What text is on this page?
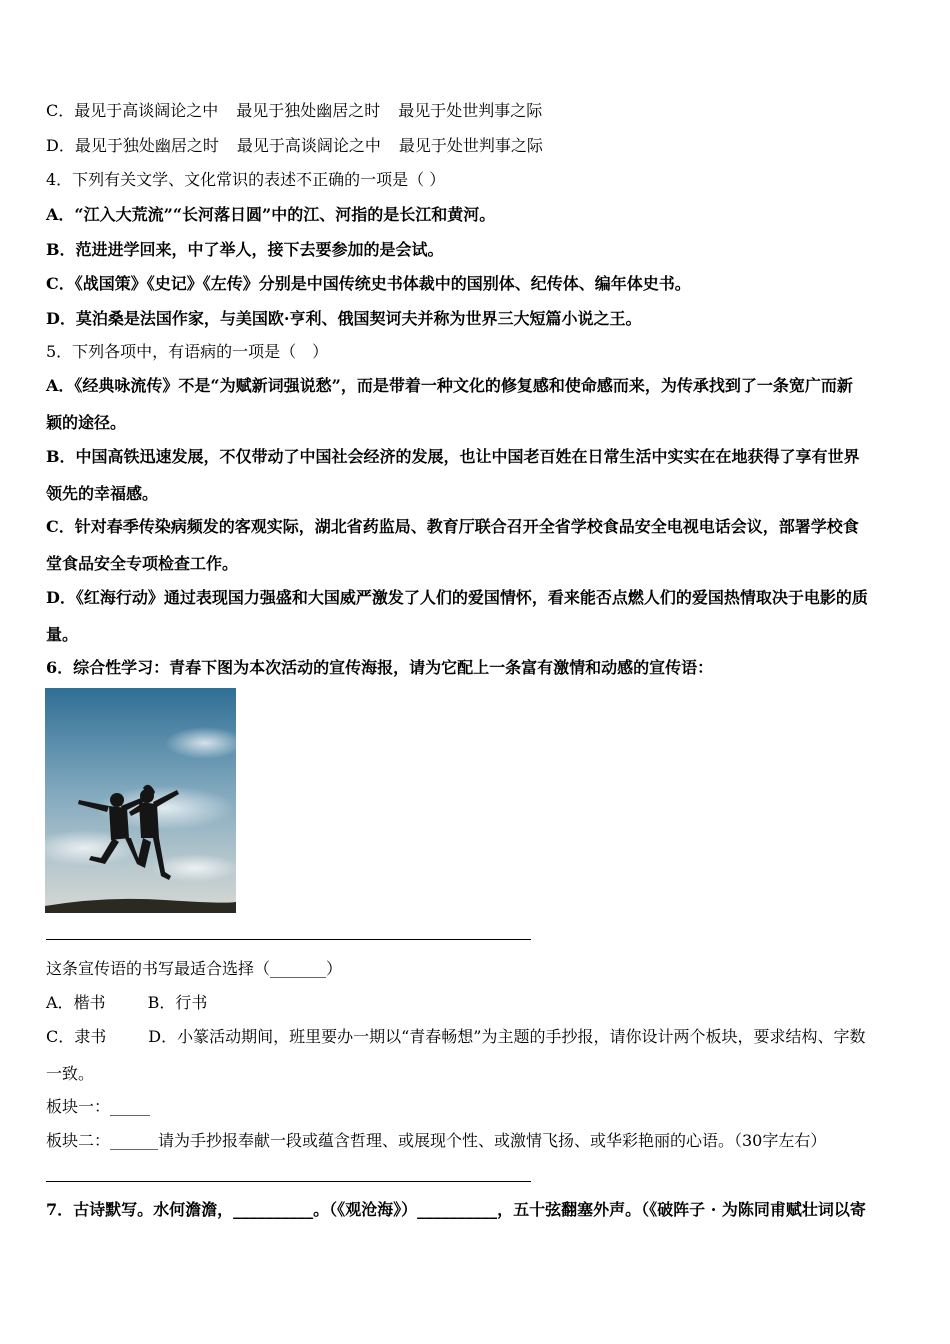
C．最见于高谈阔论之中 最见于独处幽居之时 最见于处世判事之际
D．最见于独处幽居之时 最见于高谈阔论之中 最见于处世判事之际
4．下列有关文学、文化常识的表述不正确的一项是（ ）
A．“江入大荒流”“长河落日圆”中的江、河指的是长江和黄河。
B．范进进学回来，中了举人，接下去要参加的是会试。
C．《战国策》《史记》《左传》分别是中国传统史书体裁中的国别体、纪传体、编年体史书。
D．莫泊桑是法国作家，与美国欧·亨利、俄国契诃夫并称为世界三大短篇小说之王。
5．下列各项中，有语病的一项是（　）
A．《经典咏流传》不是“为赋新词强说愁”，而是带着一种文化的修复感和使命感而来，为传承找到了一条宽广而新
颖的途径。
B．中国高铁迅速发展，不仅带动了中国社会经济的发展，也让中国老百姓在日常生活中实实在在地获得了享有世界
领先的幸福感。
C．针对春季传染病频发的客观实际，湖北省药监局、教育厅联合召开全省学校食品安全电视电话会议，部署学校食
堂食品安全专项检查工作。
D．《红海行动》通过表现国力强盛和大国威严激发了人们的爱国情怀，看来能否点燃人们的爱国热情取决于电影的质
量。
6．综合性学习：青春下图为本次活动的宣传海报，请为它配上一条富有激情和动感的宣传语：
这条宣传语的书写最适合选择（_______）
A．楷书	B．行书
C．隶书	D．小篆活动期间，班里要办一期以“青春畅想”为主题的手抄报，请你设计两个板块，要求结构、字数
一致。
板块一：_____
板块二：______请为手抄报奉献一段或蕴含哲理、或展现个性、或激情飞扬、或华彩艳丽的心语。（30字左右）
7．古诗默写。水何澹澹，__________。（《观沧海》）__________，五十弦翻塞外声。（《破阵子 · 为陈同甫赋壮词以寄
